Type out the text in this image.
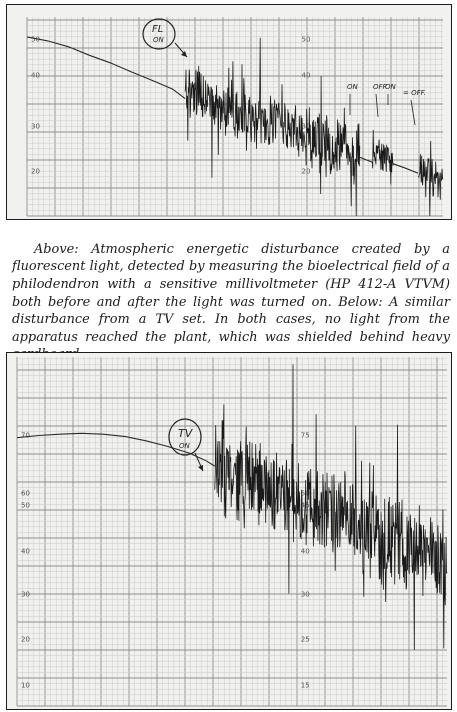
50
40
30
20
50
40
30
20
FL
ON
ON OFF
ON
= OFF.

Above: Atmospheric energetic disturbance created by a fluorescent light, detected by measuring the bioelectrical field of a philodendron with a sensitive millivoltmeter (HP 412-A VTVM) both before and after the light was turned on. Below: A similar disturbance from a TV set. In both cases, no light from the apparatus reached the plant, which was shielded behind heavy

70
60
50
40
30
20
10
75
50
45
40
30
25
15
TV
ON
